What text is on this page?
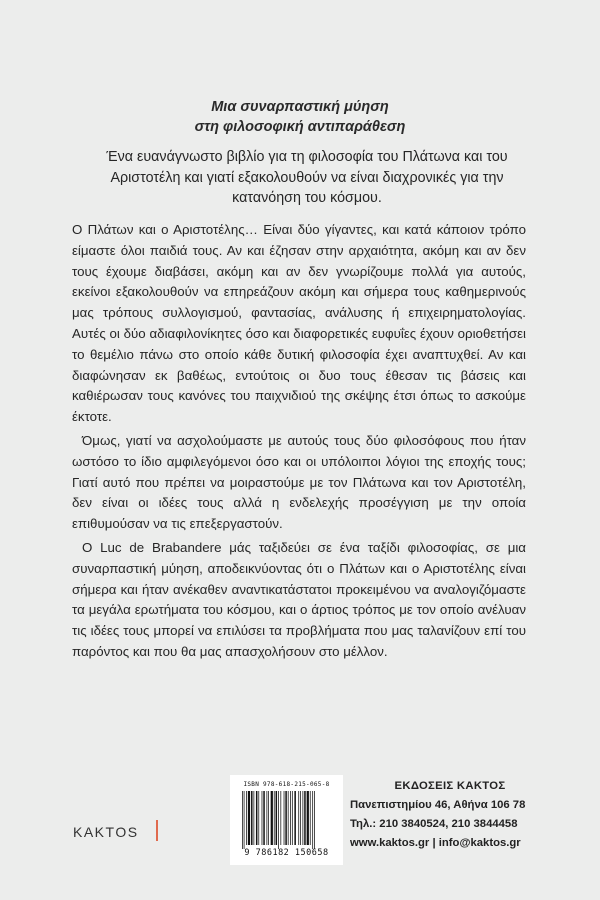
Μια συναρπαστική μύηση
στη φιλοσοφική αντιπαράθεση
Ένα ευανάγνωστο βιβλίο για τη φιλοσοφία του Πλάτωνα και του Αριστοτέλη και γιατί εξακολουθούν να είναι διαχρονικές για την κατανόηση του κόσμου.

Ο Πλάτων και ο Αριστοτέλης… Είναι δύο γίγαντες, και κατά κάποιον τρόπο είμαστε όλοι παιδιά τους. Αν και έζησαν στην αρχαιότητα, ακόμη και αν δεν τους έχουμε διαβάσει, ακόμη και αν δεν γνωρίζουμε πολλά για αυτούς, εκείνοι εξακολουθούν να επηρεάζουν ακόμη και σήμερα τους καθημερινούς μας τρόπους συλλογισμού, φαντασίας, ανάλυσης ή επιχειρηματολογίας. Αυτές οι δύο αδιαφιλονίκητες όσο και διαφορετικές ευφυΐες έχουν οριοθετήσει το θεμέλιο πάνω στο οποίο κάθε δυτική φιλοσοφία έχει αναπτυχθεί. Αν και διαφώνησαν εκ βαθέως, εντούτοις οι δυο τους έθεσαν τις βάσεις και καθιέρωσαν τους κανόνες του παιχνιδιού της σκέψης έτσι όπως το ασκούμε έκτοτε.

Όμως, γιατί να ασχολούμαστε με αυτούς τους δύο φιλοσόφους που ήταν ωστόσο το ίδιο αμφιλεγόμενοι όσο και οι υπόλοιποι λόγιοι της εποχής τους; Γιατί αυτό που πρέπει να μοιραστούμε με τον Πλάτωνα και τον Αριστοτέλη, δεν είναι οι ιδέες τους αλλά η ενδελεχής προσέγγιση με την οποία επιθυμούσαν να τις επεξεργαστούν.

Ο Luc de Brabandere μάς ταξιδεύει σε ένα ταξίδι φιλοσοφίας, σε μια συναρπαστική μύηση, αποδεικνύοντας ότι ο Πλάτων και ο Αριστοτέλης είναι σήμερα και ήταν ανέκαθεν αναντικατάστατοι προκειμένου να αναλογιζόμαστε τα μεγάλα ερωτήματα του κόσμου, και ο άρτιος τρόπος με τον οποίο ανέλυαν τις ιδέες τους μπορεί να επιλύσει τα προβλήματα που μας ταλανίζουν επί του παρόντος και που θα μας απασχολήσουν στο μέλλον.

KAKTOS
ISBN 978-618-215-065-8
9 786182 150658
ΕΚΔΟΣΕΙΣ ΚΑΚΤΟΣ
Πανεπιστημίου 46, Αθήνα 106 78
Τηλ.: 210 3840524, 210 3844458
www.kaktos.gr | info@kaktos.gr
